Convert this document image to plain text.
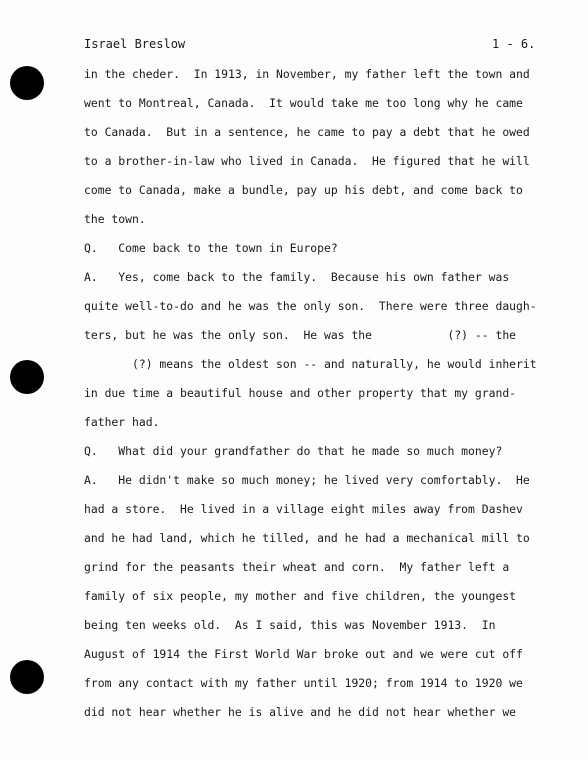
Israel Breslow	1 - 6.
in the cheder.  In 1913, in November, my father left the town and
went to Montreal, Canada.  It would take me too long why he came
to Canada.  But in a sentence, he came to pay a debt that he owed
to a brother-in-law who lived in Canada.  He figured that he will
come to Canada, make a bundle, pay up his debt, and come back to
the town.
Q.   Come back to the town in Europe?
A.   Yes, come back to the family.  Because his own father was
quite well-to-do and he was the only son.  There were three daugh-
ters, but he was the only son.  He was the           (?) -- the
(?) means the oldest son -- and naturally, he would inherit
in due time a beautiful house and other property that my grand-
father had.
Q.   What did your grandfather do that he made so much money?
A.   He didn't make so much money; he lived very comfortably.  He
had a store.  He lived in a village eight miles away from Dashev
and he had land, which he tilled, and he had a mechanical mill to
grind for the peasants their wheat and corn.  My father left a
family of six people, my mother and five children, the youngest
being ten weeks old.  As I said, this was November 1913.  In
August of 1914 the First World War broke out and we were cut off
from any contact with my father until 1920; from 1914 to 1920 we
did not hear whether he is alive and he did not hear whether we
